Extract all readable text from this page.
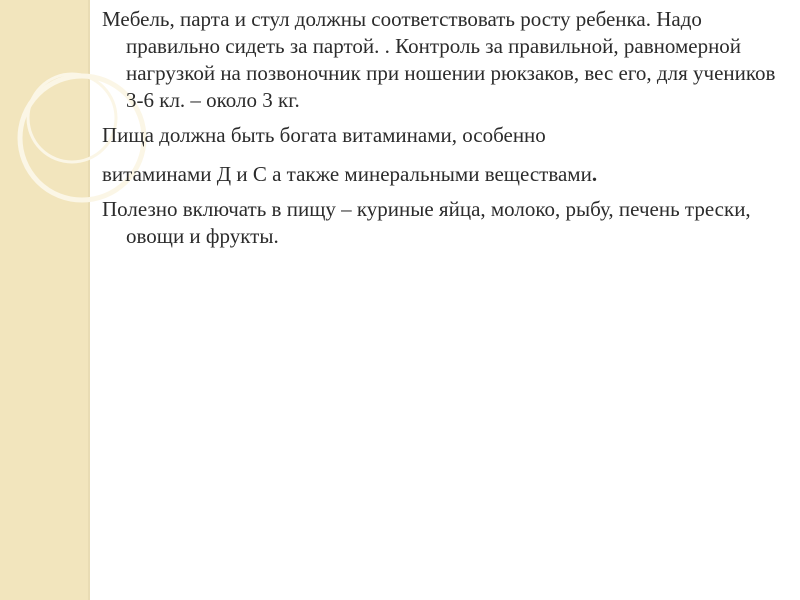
Мебель, парта и стул должны соответствовать росту ребенка. Надо правильно сидеть за партой. . Контроль за правильной, равномерной нагрузкой на позвоночник при ношении рюкзаков, вес его, для учеников 3-6 кл. – около 3 кг.

Пища должна быть богата витаминами, особенно
витаминами Д и С а также минеральными веществами.

Полезно включать в пищу – куриные яйца, молоко, рыбу, печень трески, овощи и фрукты.
